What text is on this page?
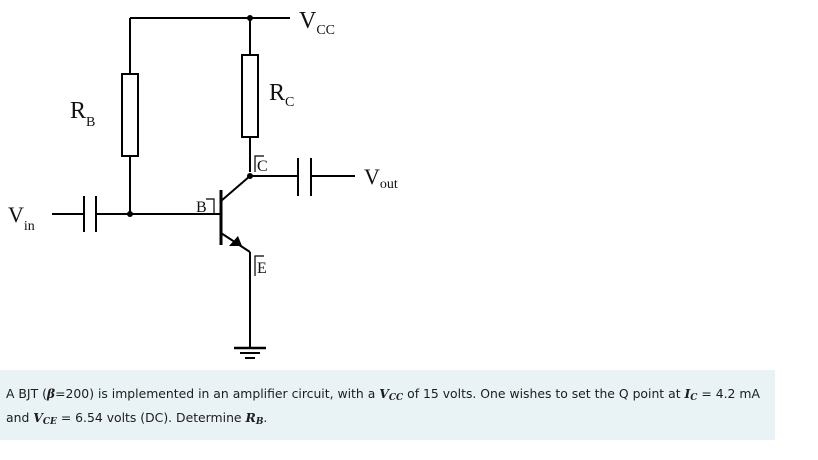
$V_{CC}$
$R_C$
$R_B$
Vout
$V_{in}$
C
B
E
A BJT (β=200) is implemented in an amplifier circuit, with a $V_{CC}$ of 15 volts. One wishes to set the Q point at $I_C = 4.2$ mA
and $V_{CE} = 6.54$ volts (DC). Determine $R_B$.
